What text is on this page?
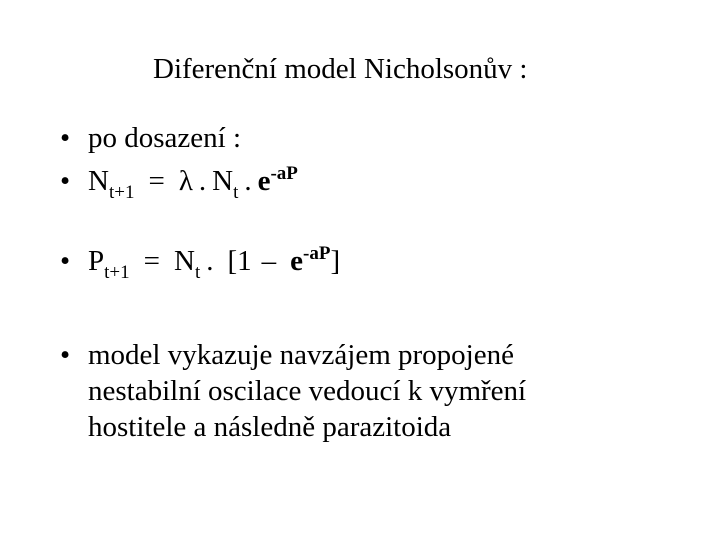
Diferenční model Nicholsonův :
• po dosazení :
• $N_{t+1} = \lambda$ . $N_t$ . $e^{-aP}$
• $P_{t+1} = N_t$ . $[1 - e^{-aP}]$
• model vykazuje navzájem propojené
nestabilní oscilace vedoucí k vymření
hostitele a následně parazitoida
